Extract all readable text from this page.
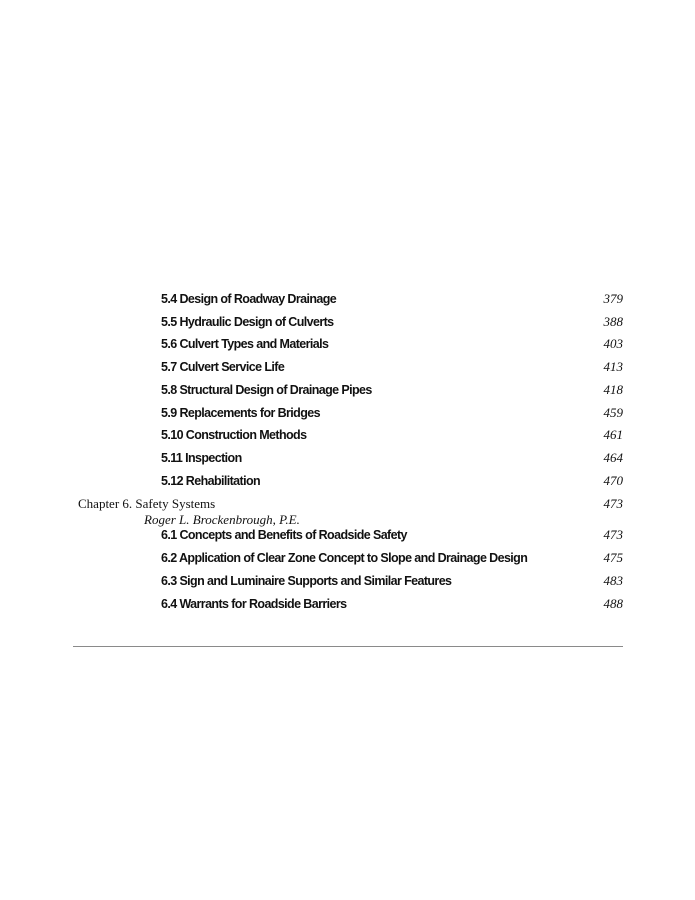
5.4 Design of Roadway Drainage	379
5.5 Hydraulic Design of Culverts	388
5.6 Culvert Types and Materials	403
5.7 Culvert Service Life	413
5.8 Structural Design of Drainage Pipes	418
5.9 Replacements for Bridges	459
5.10 Construction Methods	461
5.11 Inspection	464
5.12 Rehabilitation	470
Chapter 6. Safety Systems	473
Roger L. Brockenbrough, P.E.
6.1 Concepts and Benefits of Roadside Safety	473
6.2 Application of Clear Zone Concept to Slope and Drainage Design	475
6.3 Sign and Luminaire Supports and Similar Features	483
6.4 Warrants for Roadside Barriers	488
